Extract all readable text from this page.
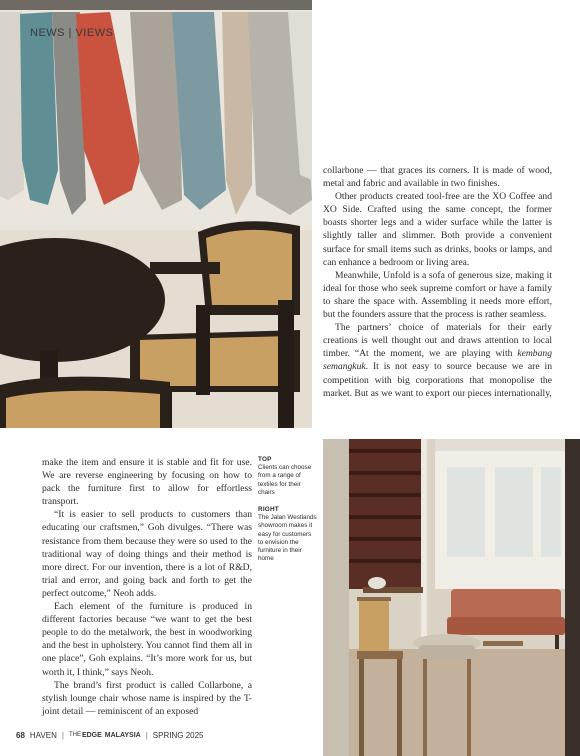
NEWS | VIEWS

collarbone — that graces its corners. It is made of wood, metal and fabric and available in two finishes.

Other products created tool-free are the XO Coffee and XO Side. Crafted using the same concept, the former boasts shorter legs and a wider surface while the latter is slightly taller and slimmer. Both provide a convenient surface for small items such as drinks, books or lamps, and can enhance a bedroom or living area.

Meanwhile, Unfold is a sofa of generous size, making it ideal for those who seek supreme comfort or have a family to share the space with. Assembling it needs more effort, but the founders assure that the process is rather seamless.

The partners’ choice of materials for their early creations is well thought out and draws attention to local timber. “At the moment, we are playing with kembang semangkuk. It is not easy to source because we are in competition with big corporations that monopolise the market. But as we want to export our pieces internationally,

make the item and ensure it is stable and fit for use. We are reverse engineering by focusing on how to pack the furniture first to allow for effortless transport.

“It is easier to sell products to customers than educating our craftsmen,” Goh divulges. “There was resistance from them because they were so used to the traditional way of doing things and their method is more direct. For our invention, there is a lot of R&D, trial and error, and going back and forth to get the perfect outcome,” Neoh adds.

Each element of the furniture is produced in different factories because “we want to get the best people to do the metalwork, the best in woodworking and the best in upholstery. You cannot find them all in one place”, Goh explains. “It’s more work for us, but worth it, I think,” says Neoh.

The brand’s first product is called Collarbone, a stylish lounge chair whose name is inspired by the T-joint detail — reminiscent of an exposed

TOP
Clients can choose from a range of textiles for their chairs
RIGHT
The Jalan Westlands showroom makes it easy for customers to envision the furniture in their home
68 HAVEN | THE EDGE MALAYSIA | SPRING 2025
